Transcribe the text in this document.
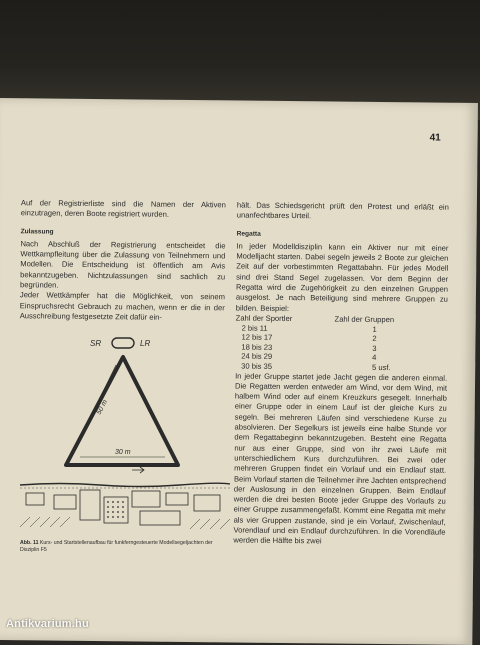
41

Auf der Registrierliste sind die Namen der Aktiven einzutragen, deren Boote registriert wurden.

Zulassung

Nach Abschluß der Registrierung entscheidet die Wettkampfleitung über die Zulassung von Teilnehmern und Modellen. Die Entscheidung ist öffentlich am Avis bekanntzugeben. Nichtzulassungen sind sachlich zu begründen.

Jeder Wettkämpfer hat die Möglichkeit, von seinem Einspruchsrecht Gebrauch zu machen, wenn er die in der Ausschreibung festgesetzte Zeit dafür ein-

hält. Das Schiedsgericht prüft den Protest und erläßt ein unanfechtbares Urteil.

Regatta

In jeder Modelldisziplin kann ein Aktiver nur mit einer Modelljacht starten. Dabei segeln jeweils 2 Boote zur gleichen Zeit auf der vorbestimmten Regattabahn. Für jedes Modell sind drei Stand Segel zugelassen. Vor dem Beginn der Regatta wird die Zugehörigkeit zu den einzelnen Gruppen ausgelost. Je nach Beteiligung sind mehrere Gruppen zu bilden. Beispiel:

Zahl der Sportler	Zahl der Gruppen
2 bis 11	1
12 bis 17	2
18 bis 23	3
24 bis 29	4
30 bis 35	5 usf.

In jeder Gruppe startet jede Jacht gegen die anderen einmal. Die Regatten werden entweder am Wind, vor dem Wind, mit halbem Wind oder auf einem Kreuzkurs gesegelt. Innerhalb einer Gruppe oder in einem Lauf ist der gleiche Kurs zu segeln. Bei mehreren Läufen sind verschiedene Kurse zu absolvieren. Der Segelkurs ist jeweils eine halbe Stunde vor dem Regattabeginn bekanntzugeben. Besteht eine Regatta nur aus einer Gruppe, sind von ihr zwei Läufe mit unterschiedlichem Kurs durchzuführen. Bei zwei oder mehreren Gruppen findet ein Vorlauf und ein Endlauf statt. Beim Vorlauf starten die Teilnehmer ihre Jachten entsprechend der Auslosung in den einzelnen Gruppen. Beim Endlauf werden die drei besten Boote jeder Gruppe des Vorlaufs zu einer Gruppe zusammengefaßt. Kommt eine Regatta mit mehr als vier Gruppen zustande, sind je ein Vorlauf, Zwischenlauf, Vorendlauf und ein Endlauf durchzuführen. In die Vorendläufe werden die Hälfte bis zwei

SR	LR
50 m
30 m
Abb. 11 Kurs- und Startstellenaufbau für funkferngesteuerte Modellsegeljachten der Disziplin F5
Antikvarium.hu
